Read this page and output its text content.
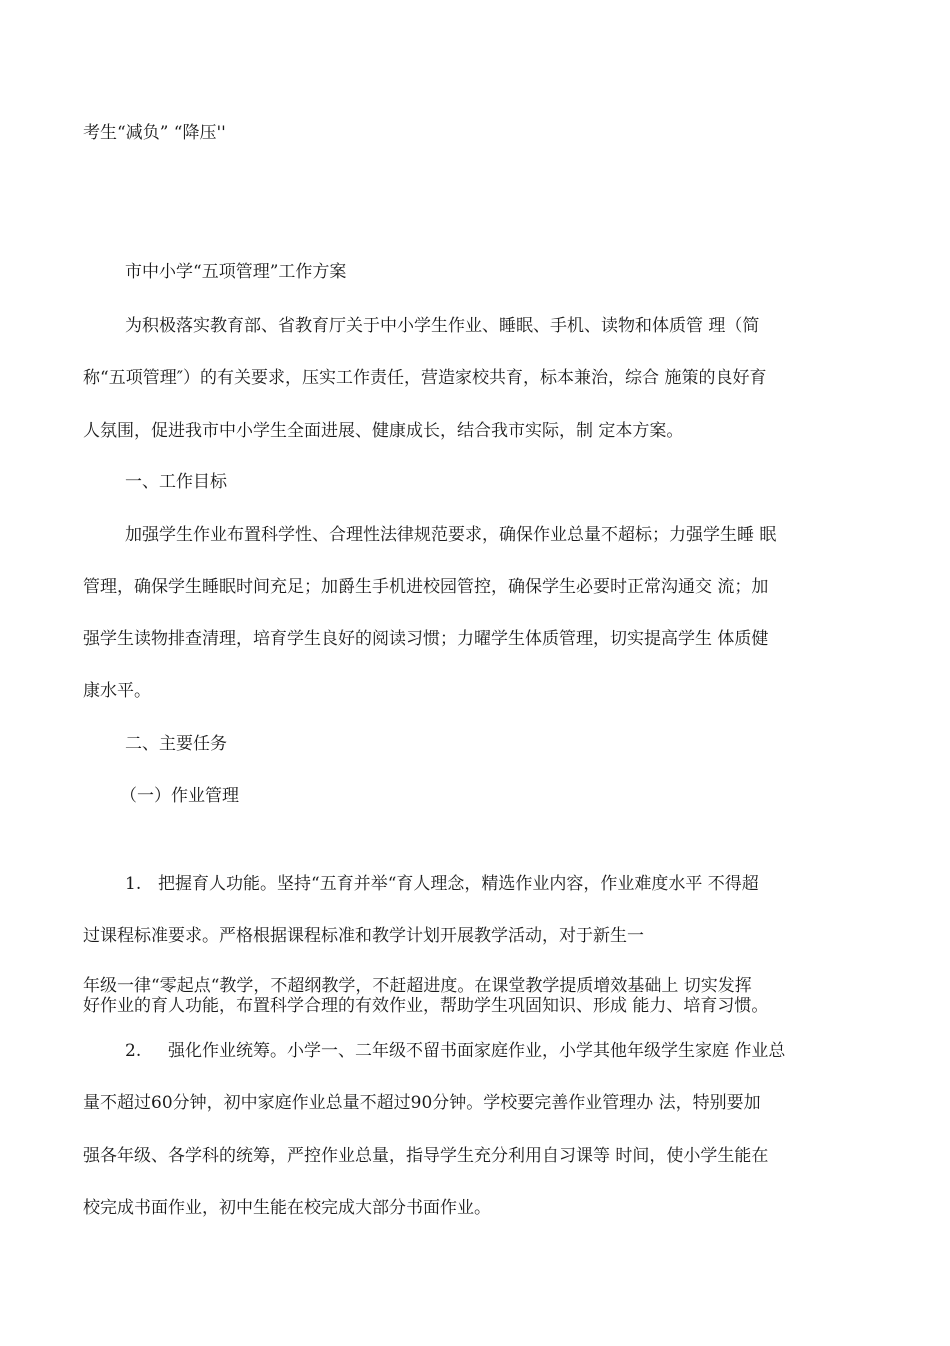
考生“减负” “降压''
市中小学“五项管理”工作方案
为积极落实教育部、省教育厅关于中小学生作业、睡眠、手机、读物和体质管 理（简
称“五项管理″）的有关要求，压实工作责任，营造家校共育，标本兼治，综合 施策的良好育
人氛围，促进我市中小学生全面进展、健康成长，结合我市实际，制 定本方案。
一、工作目标
加强学生作业布置科学性、合理性法律规范要求，确保作业总量不超标；力强学生睡 眠
管理，确保学生睡眠时间充足；加爵生手机进校园管控，确保学生必要时正常沟通交 流；加
强学生读物排查清理，培育学生良好的阅读习惯；力曜学生体质管理，切实提高学生 体质健
康水平。
二、主要任务
（一）作业管理
1. 把握育人功能。坚持“五育并举“育人理念，精选作业内容，作业难度水平 不得超
过课程标准要求。严格根据课程标准和教学计划开展教学活动，对于新生一
年级一律“零起点“教学，不超纲教学，不赶超进度。在课堂教学提质增效基础上 切实发挥
好作业的育人功能，布置科学合理的有效作业，帮助学生巩固知识、形成 能力、培育习惯。
2. 强化作业统筹。小学一、二年级不留书面家庭作业，小学其他年级学生家庭 作业总
量不超过60分钟，初中家庭作业总量不超过90分钟。学校要完善作业管理办 法，特别要加
强各年级、各学科的统筹，严控作业总量，指导学生充分利用自习课等 时间，使小学生能在
校完成书面作业，初中生能在校完成大部分书面作业。
